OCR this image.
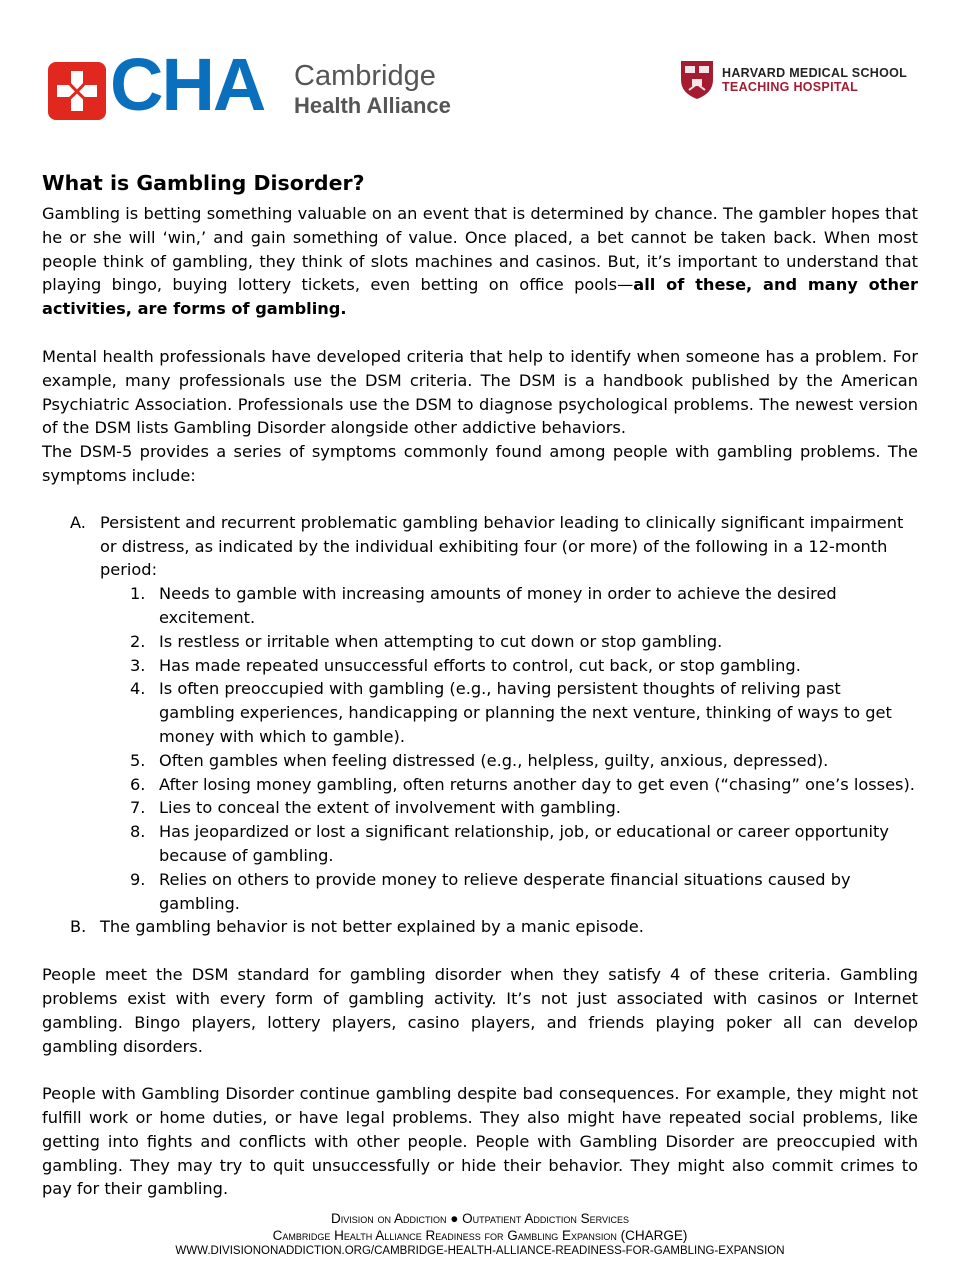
CHA Cambridge
Health Alliance
HARVARD MEDICAL SCHOOL
TEACHING HOSPITAL
What is Gambling Disorder?

Gambling is betting something valuable on an event that is determined by chance. The gambler hopes that he or she will ‘win,’ and gain something of value. Once placed, a bet cannot be taken back. When most people think of gambling, they think of slots machines and casinos. But, it’s important to understand that playing bingo, buying lottery tickets, even betting on office pools—all of these, and many other activities, are forms of gambling.

Mental health professionals have developed criteria that help to identify when someone has a problem. For example, many professionals use the DSM criteria. The DSM is a handbook published by the American Psychiatric Association. Professionals use the DSM to diagnose psychological problems. The newest version of the DSM lists Gambling Disorder alongside other addictive behaviors.

The DSM-5 provides a series of symptoms commonly found among people with gambling problems. The symptoms include:

A. Persistent and recurrent problematic gambling behavior leading to clinically significant impairment or distress, as indicated by the individual exhibiting four (or more) of the following in a 12-month period:
1. Needs to gamble with increasing amounts of money in order to achieve the desired excitement.
2. Is restless or irritable when attempting to cut down or stop gambling.
3. Has made repeated unsuccessful efforts to control, cut back, or stop gambling.
4. Is often preoccupied with gambling (e.g., having persistent thoughts of reliving past gambling experiences, handicapping or planning the next venture, thinking of ways to get money with which to gamble).
5. Often gambles when feeling distressed (e.g., helpless, guilty, anxious, depressed).
6. After losing money gambling, often returns another day to get even (“chasing” one’s losses).
7. Lies to conceal the extent of involvement with gambling.
8. Has jeopardized or lost a significant relationship, job, or educational or career opportunity because of gambling.
9. Relies on others to provide money to relieve desperate financial situations caused by gambling.
B. The gambling behavior is not better explained by a manic episode.

People meet the DSM standard for gambling disorder when they satisfy 4 of these criteria. Gambling problems exist with every form of gambling activity. It’s not just associated with casinos or Internet gambling. Bingo players, lottery players, casino players, and friends playing poker all can develop gambling disorders.

People with Gambling Disorder continue gambling despite bad consequences. For example, they might not fulfill work or home duties, or have legal problems. They also might have repeated social problems, like getting into fights and conflicts with other people. People with Gambling Disorder are preoccupied with gambling. They may try to quit unsuccessfully or hide their behavior. They might also commit crimes to pay for their gambling.

Division on Addiction ● Outpatient Addiction Services
Cambridge Health Alliance Readiness for Gambling Expansion (CHARGE)
WWW.DIVISIONONADDICTION.ORG/CAMBRIDGE-HEALTH-ALLIANCE-READINESS-FOR-GAMBLING-EXPANSION
